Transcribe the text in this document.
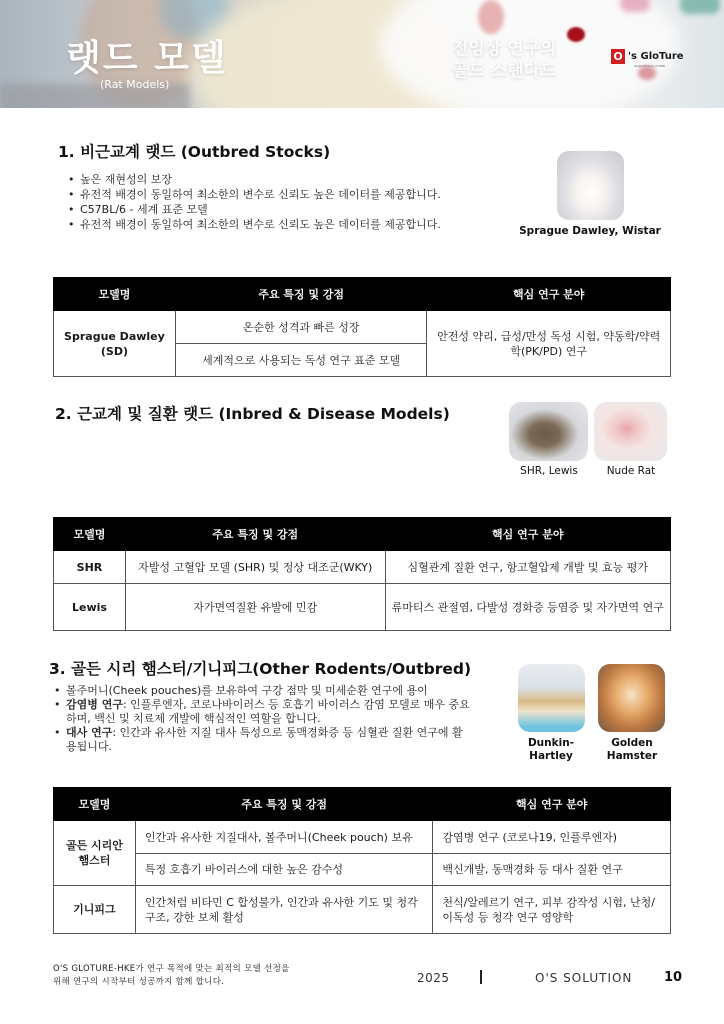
랫드 모델
(Rat Models)
전임상 연구의
골드 스탠다드
O 's GloTure
Global Future of HKE
1. 비근교계 랫드 (Outbred Stocks)
• 높은 재현성의 보장
• 유전적 배경이 동일하여 최소한의 변수로 신뢰도 높은 데이터를 제공합니다.
• C57BL/6 - 세계 표준 모델
• 유전적 배경이 동일하여 최소한의 변수로 신뢰도 높은 데이터를 제공합니다.	Sprague Dawley, Wistar
모델명	주요 특징 및 강점	핵심 연구 분야
Sprague Dawley (SD)	온순한 성격과 빠른 성장	안전성 약리, 급성/만성 독성 시험, 약동학/약력학(PK/PD) 연구
	세계적으로 사용되는 독성 연구 표준 모델	
2. 근교계 및 질환 랫드 (Inbred & Disease Models)
SHR, Lewis	Nude Rat
모델명	주요 특징 및 강점	핵심 연구 분야
SHR	자발성 고혈압 모델 (SHR) 및 정상 대조군(WKY)	심혈관계 질환 연구, 항고혈압제 개발 및 효능 평가
Lewis	자가면역질환 유발에 민감	류마티스 관절염, 다발성 경화증 등염증 및 자가면역 연구
3. 골든 시리 햄스터/기니피그(Other Rodents/Outbred)
• 볼주머니(Cheek pouches)를 보유하여 구강 점막 및 미세순환 연구에 용이
• 감염병 연구: 인플루엔자, 코로나바이러스 등 호흡기 바이러스 감염 모델로 매우 중요하며, 백신 및 치료제 개발에 핵심적인 역할을 합니다.
• 대사 연구: 인간과 유사한 지질 대사 특성으로 동맥경화증 등 심혈관 질환 연구에 활용됩니다.	Dunkin-Hartley
Golden Hamster
모델명	주요 특징 및 강점	핵심 연구 분야
골든 시리안 햄스터	인간과 유사한 지질대사, 볼주머니(Cheek pouch) 보유	감염병 연구 (코로나19, 인플루엔자)
	특정 호흡기 바이러스에 대한 높은 감수성	백신개발, 동맥경화 등 대사 질환 연구
기니피그	인간처럼 비타민 C 합성불가, 인간과 유사한 기도 및 청각 구조, 강한 보체 활성	천식/알레르기 연구, 피부 감작성 시험, 난청/이독성 등 청각 연구 영양학
O'S GLOTURE-HKE가 연구 목적에 맞는 최적의 모델 선정을
위해 연구의 시작부터 성공까지 함께 합니다.	2025	O'S SOLUTION 10
